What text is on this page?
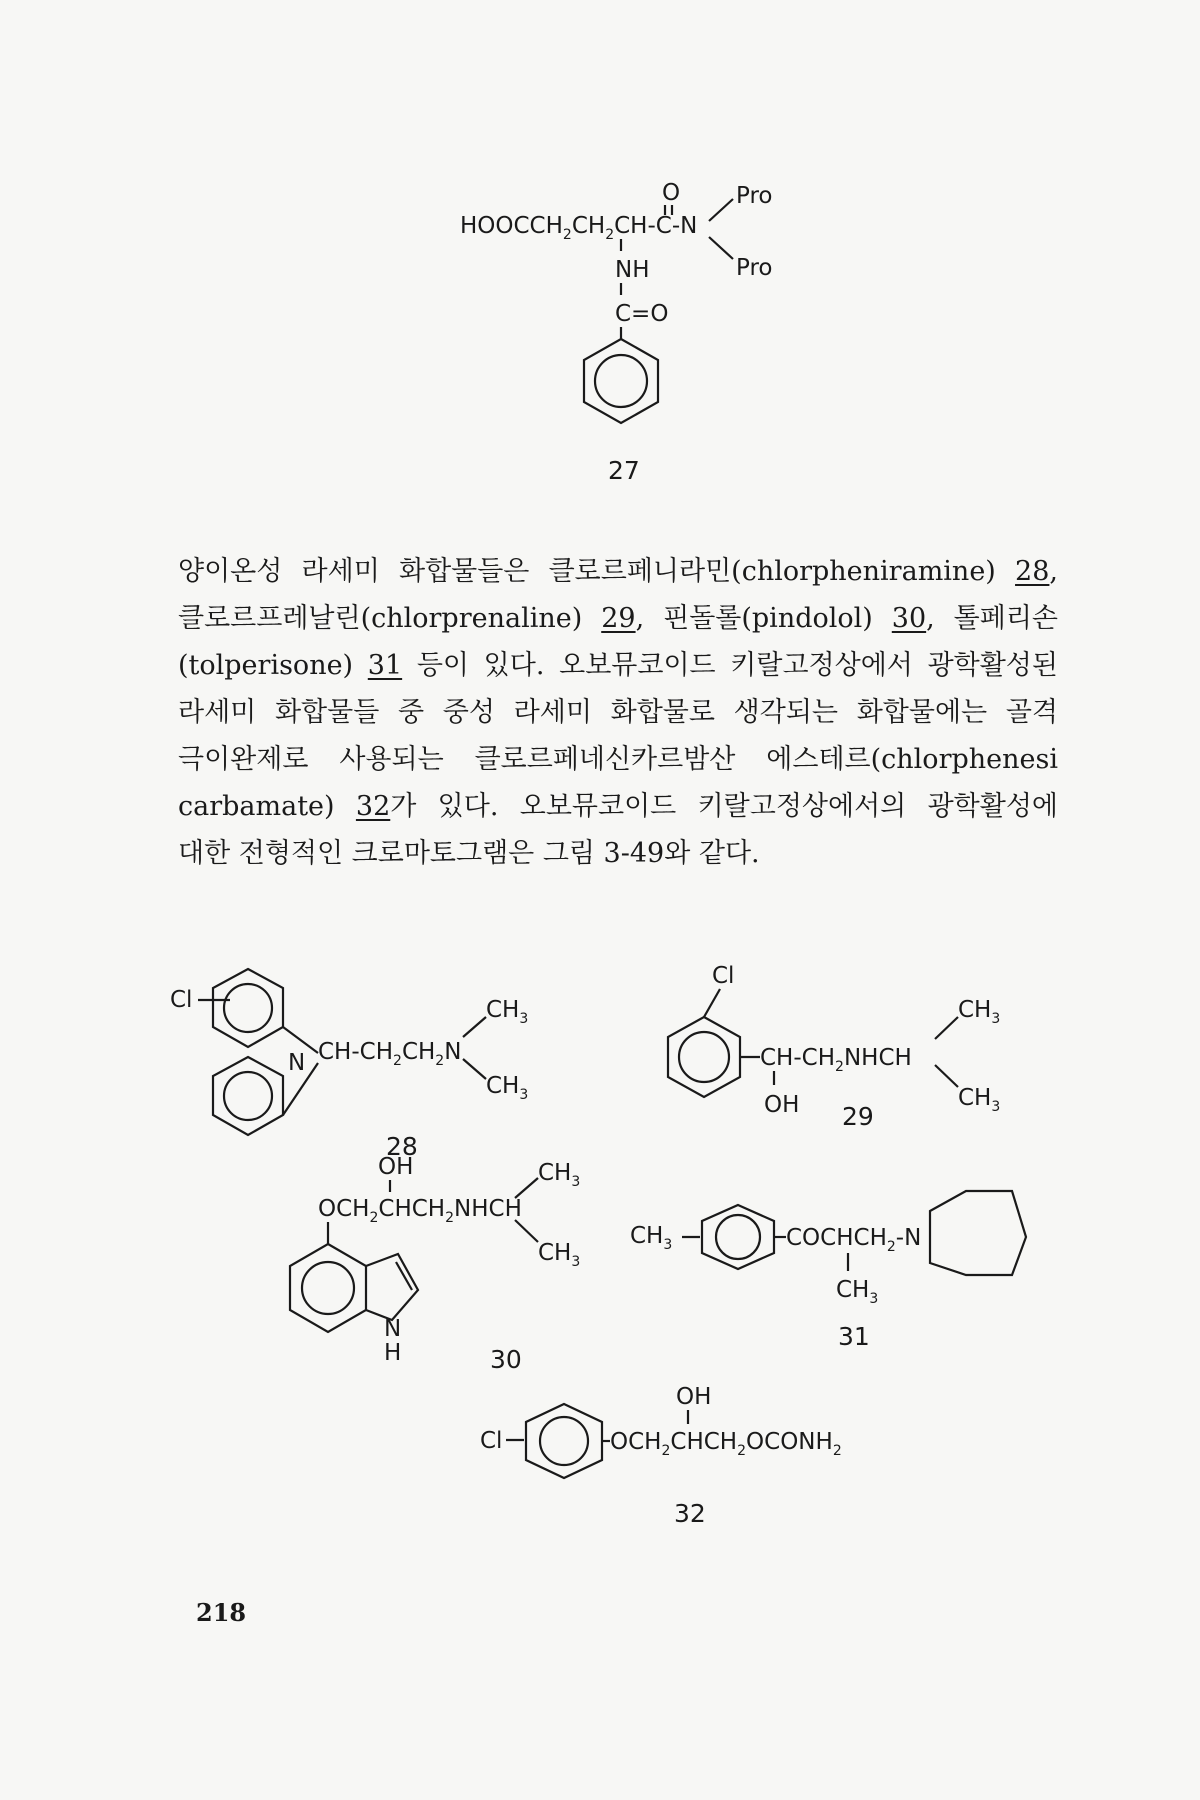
$HOOCCH_2CH_2CH-C-N$
O Pro
Pro
NH
C=O
27
양이온성 라세미 화합물들은 클로르페니라민(chlorpheniramine) 28,
클로르프레날린(chlorprenaline) 29, 핀돌롤(pindolol) 30, 톨페리손
(tolperisone) 31 등이 있다. 오보뮤코이드 키랄고정상에서 광학활성된
라세미 화합물들 중 중성 라세미 화합물로 생각되는 화합물에는 골격
극이완제로 사용되는 클로르페네신카르밤산 에스테르(chlorphenesi
carbamate) 32가 있다. 오보뮤코이드 키랄고정상에서의 광학활성에
대한 전형적인 크로마토그램은 그림 3-49와 같다.
Cl
N $CH-CH_2CH_2N$
$CH_3$
$CH_3$
28
Cl
$CH-CH_2NHCH$
OH
$CH_3$
$CH_3$
29
OH
$OCH_2CHCH_2NHCH$
$CH_3$
$CH_3$
N
H	30
$CH_3$	$COCHCH_2-N$
$CH_3$
31
Cl	$OCH_2CHCH_2OCONH_2$
OH
32
218
